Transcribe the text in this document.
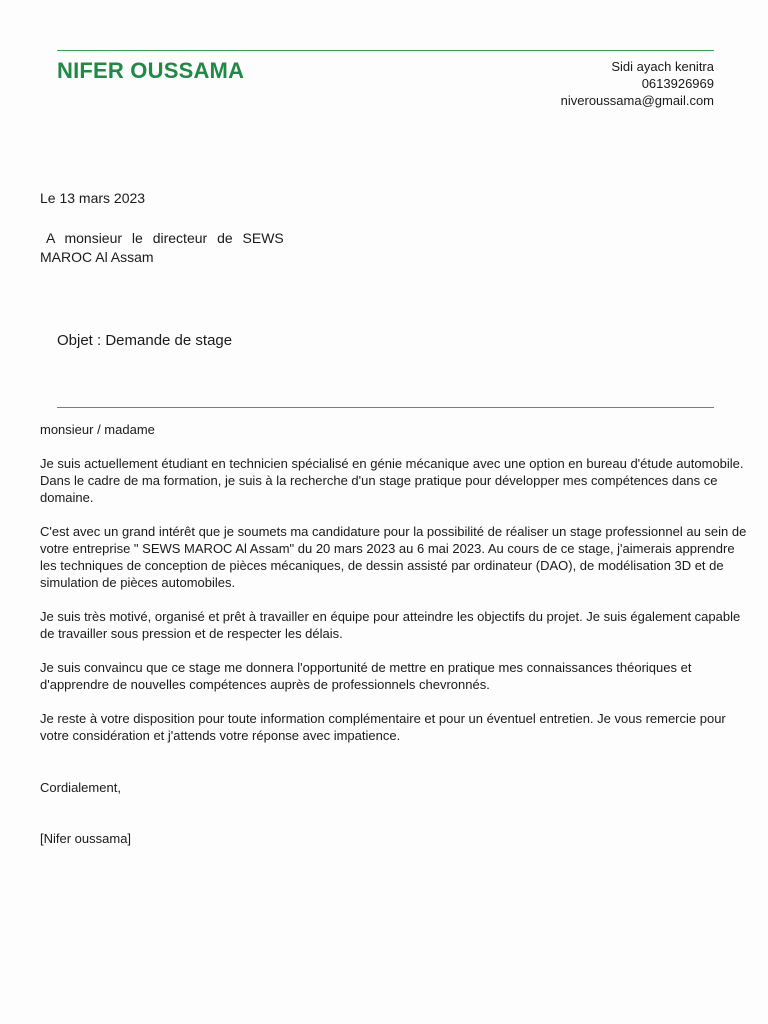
NIFER OUSSAMA	Sidi ayach kenitra
0613926969
niveroussama@gmail.com
Le 13 mars 2023
A monsieur le directeur de SEWS
MAROC Al Assam
Objet : Demande de stage

monsieur / madame

Je suis actuellement étudiant en technicien spécialisé en génie mécanique avec une option en bureau d'étude automobile.
Dans le cadre de ma formation, je suis à la recherche d'un stage pratique pour développer mes compétences dans ce
domaine.

C'est avec un grand intérêt que je soumets ma candidature pour la possibilité de réaliser un stage professionnel au sein de
votre entreprise " SEWS MAROC Al Assam" du 20 mars 2023 au 6 mai 2023. Au cours de ce stage, j'aimerais apprendre
les techniques de conception de pièces mécaniques, de dessin assisté par ordinateur (DAO), de modélisation 3D et de
simulation de pièces automobiles.

Je suis très motivé, organisé et prêt à travailler en équipe pour atteindre les objectifs du projet. Je suis également capable
de travailler sous pression et de respecter les délais.

Je suis convaincu que ce stage me donnera l'opportunité de mettre en pratique mes connaissances théoriques et
d'apprendre de nouvelles compétences auprès de professionnels chevronnés.

Je reste à votre disposition pour toute information complémentaire et pour un éventuel entretien. Je vous remercie pour
votre considération et j'attends votre réponse avec impatience.

Cordialement,
[Nifer oussama]
